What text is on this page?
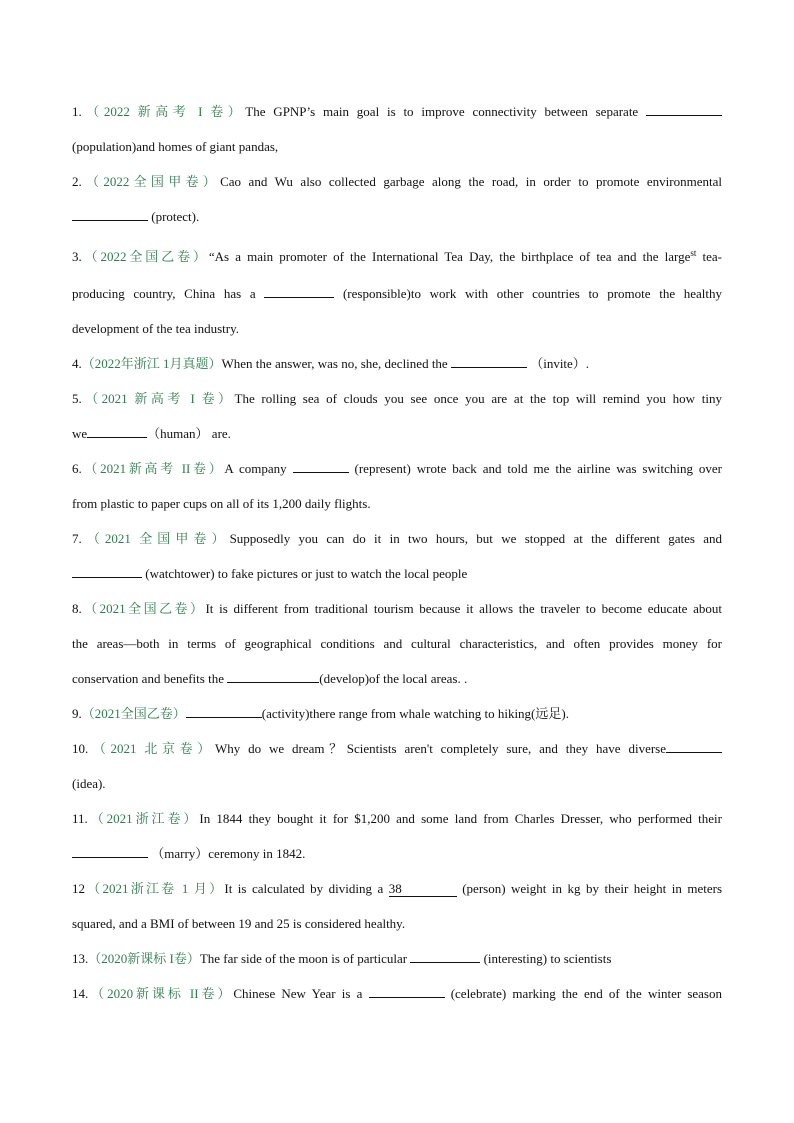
1.（2022 新高考 I 卷）The GPNP’s main goal is to improve connectivity between separate
(population)and homes of giant pandas,
2.（2022全国甲卷）Cao and Wu also collected garbage along the road, in order to promote environmental
(protect).
3.（2022全国乙卷）“As a main promoter of the International Tea Day, the birthplace of tea and the large$^{st}$ tea-
producing country, China has a	(responsible)to work with other countries to promote the healthy
development of the tea industry.
4.（2022年浙江 1月真题）When the answer, was no, she, declined the	（invite）.
5.（2021 新高考 I 卷）The rolling sea of clouds you see once you are at the top will remind you how tiny
we	（human） are.
6.（2021新高考 II卷）A company	(represent) wrote back and told me the airline was switching over
from plastic to paper cups on all of its 1,200 daily flights.
7.（2021 全国甲卷）Supposedly you can do it in two hours, but we stopped at the different gates and
(watchtower) to fake pictures or just to watch the local people
8.（2021全国乙卷）It is different from traditional tourism because it allows the traveler to become educate about
the areas—both in terms of geographical conditions and cultural characteristics, and often provides money for
conservation and benefits the	(develop)of the local areas. .
9.（2021全国乙卷）	(activity)there range from whale watching to hiking(远足).
10.（2021 北京卷）Why do we dream？Scientists aren't completely sure, and they have diverse
(idea).
11.（2021浙江卷）In 1844 they bought it for $1,200 and some land from Charles Dresser, who performed their
（marry）ceremony in 1842.
12（2021浙江卷 1 月）It is calculated by dividing a 38	(person) weight in kg by their height in meters
squared, and a BMI of between 19 and 25 is considered healthy.
13.（2020新课标 I卷）The far side of the moon is of particular	(interesting) to scientists
14.（2020新课标 II卷）Chinese New Year is a	(celebrate) marking the end of the winter season
